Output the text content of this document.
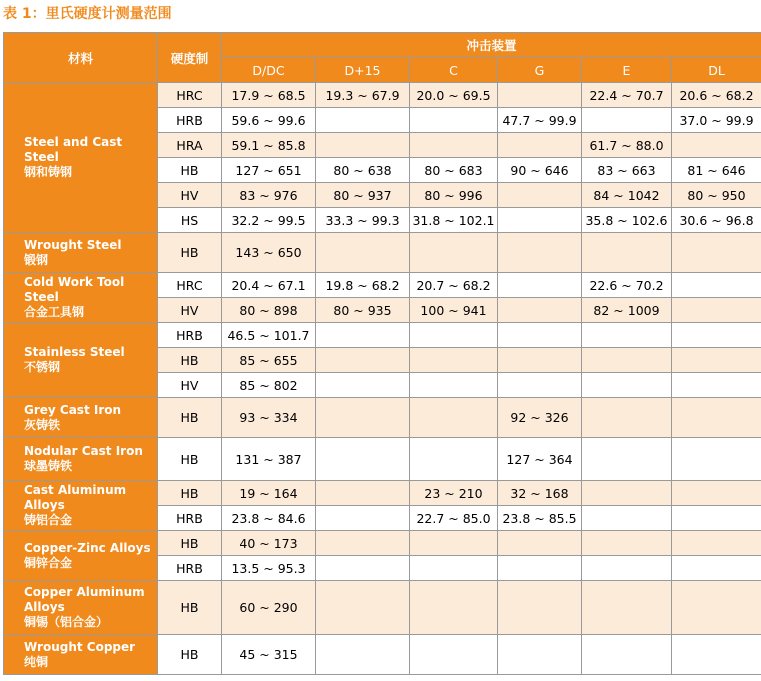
表 1：里氏硬度计测量范围
材料	硬度制	冲击装置					
		D/DC	D+15	C	G	E	DL

Steel and Cast Steel
钢和铸钢	HRC	17.9 ~ 68.5	19.3 ~ 67.9	20.0 ~ 69.5		22.4 ~ 70.7	20.6 ~ 68.2
	HRB	59.6 ~ 99.6			47.7 ~ 99.9		37.0 ~ 99.9
	HRA	59.1 ~ 85.8				61.7 ~ 88.0	
	HB	127 ~ 651	80 ~ 638	80 ~ 683	90 ~ 646	83 ~ 663	81 ~ 646
	HV	83 ~ 976	80 ~ 937	80 ~ 996		84 ~ 1042	80 ~ 950
	HS	32.2 ~ 99.5	33.3 ~ 99.3	31.8 ~ 102.1		35.8 ~ 102.6	30.6 ~ 96.8

Wrought Steel
锻钢	HB	143 ~ 650					

Cold Work Tool Steel
合金工具钢	HRC	20.4 ~ 67.1	19.8 ~ 68.2	20.7 ~ 68.2		22.6 ~ 70.2	
	HV	80 ~ 898	80 ~ 935	100 ~ 941		82 ~ 1009	

Stainless Steel
不锈钢	HRB	46.5 ~ 101.7					
	HB	85 ~ 655					
	HV	85 ~ 802					

Grey Cast Iron
灰铸铁	HB	93 ~ 334			92 ~ 326		

Nodular Cast Iron
球墨铸铁	HB	131 ~ 387			127 ~ 364		

Cast Aluminum Alloys
铸铝合金	HB	19 ~ 164		23 ~ 210	32 ~ 168		
	HRB	23.8 ~ 84.6		22.7 ~ 85.0	23.8 ~ 85.5		

Copper-Zinc Alloys
铜锌合金	HB	40 ~ 173					
	HRB	13.5 ~ 95.3					

Copper Aluminum Alloys
铜锡（铝合金）	HB	60 ~ 290					

Wrought Copper
纯铜	HB	45 ~ 315					
